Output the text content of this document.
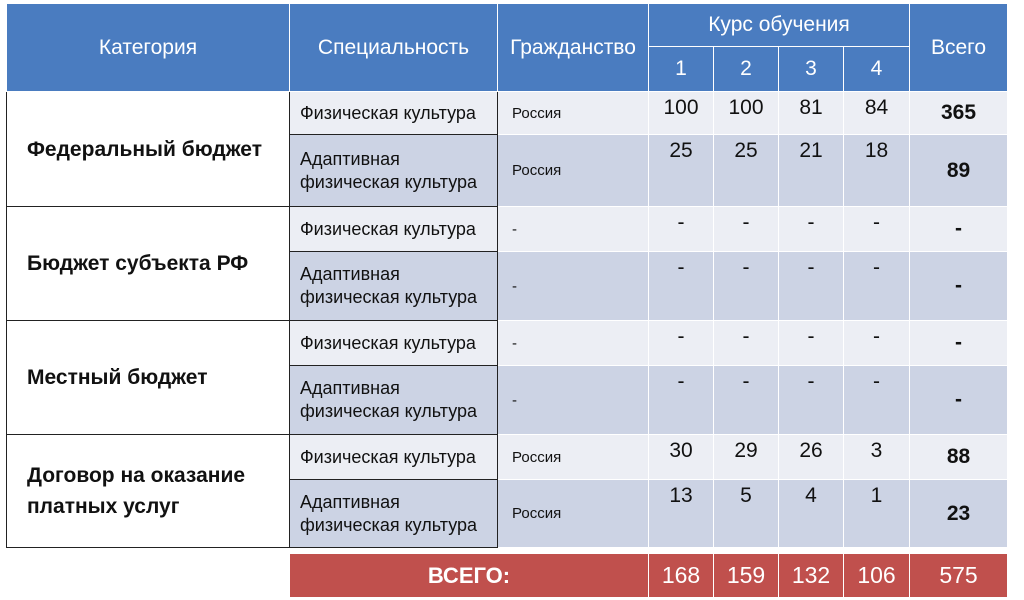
Категория	Специальность	Гражданство	Курс обучения				Всего
			1	2	3	4	
Федеральный бюджет	Физическая культура	Россия	100	100	81	84	365
	Адаптивная физическая культура	Россия	25	25	21	18	89
Бюджет субъекта РФ	Физическая культура	-	-	-	-	-	-
	Адаптивная физическая культура	-	-	-	-	-	-
Местный бюджет	Физическая культура	-	-	-	-	-	-
	Адаптивная физическая культура	-	-	-	-	-	-
Договор на оказание платных услуг	Физическая культура	Россия	30	29	26	3	88
	Адаптивная физическая культура	Россия	13	5	4	1	23

	ВСЕГО:		168	159	132	106	575
